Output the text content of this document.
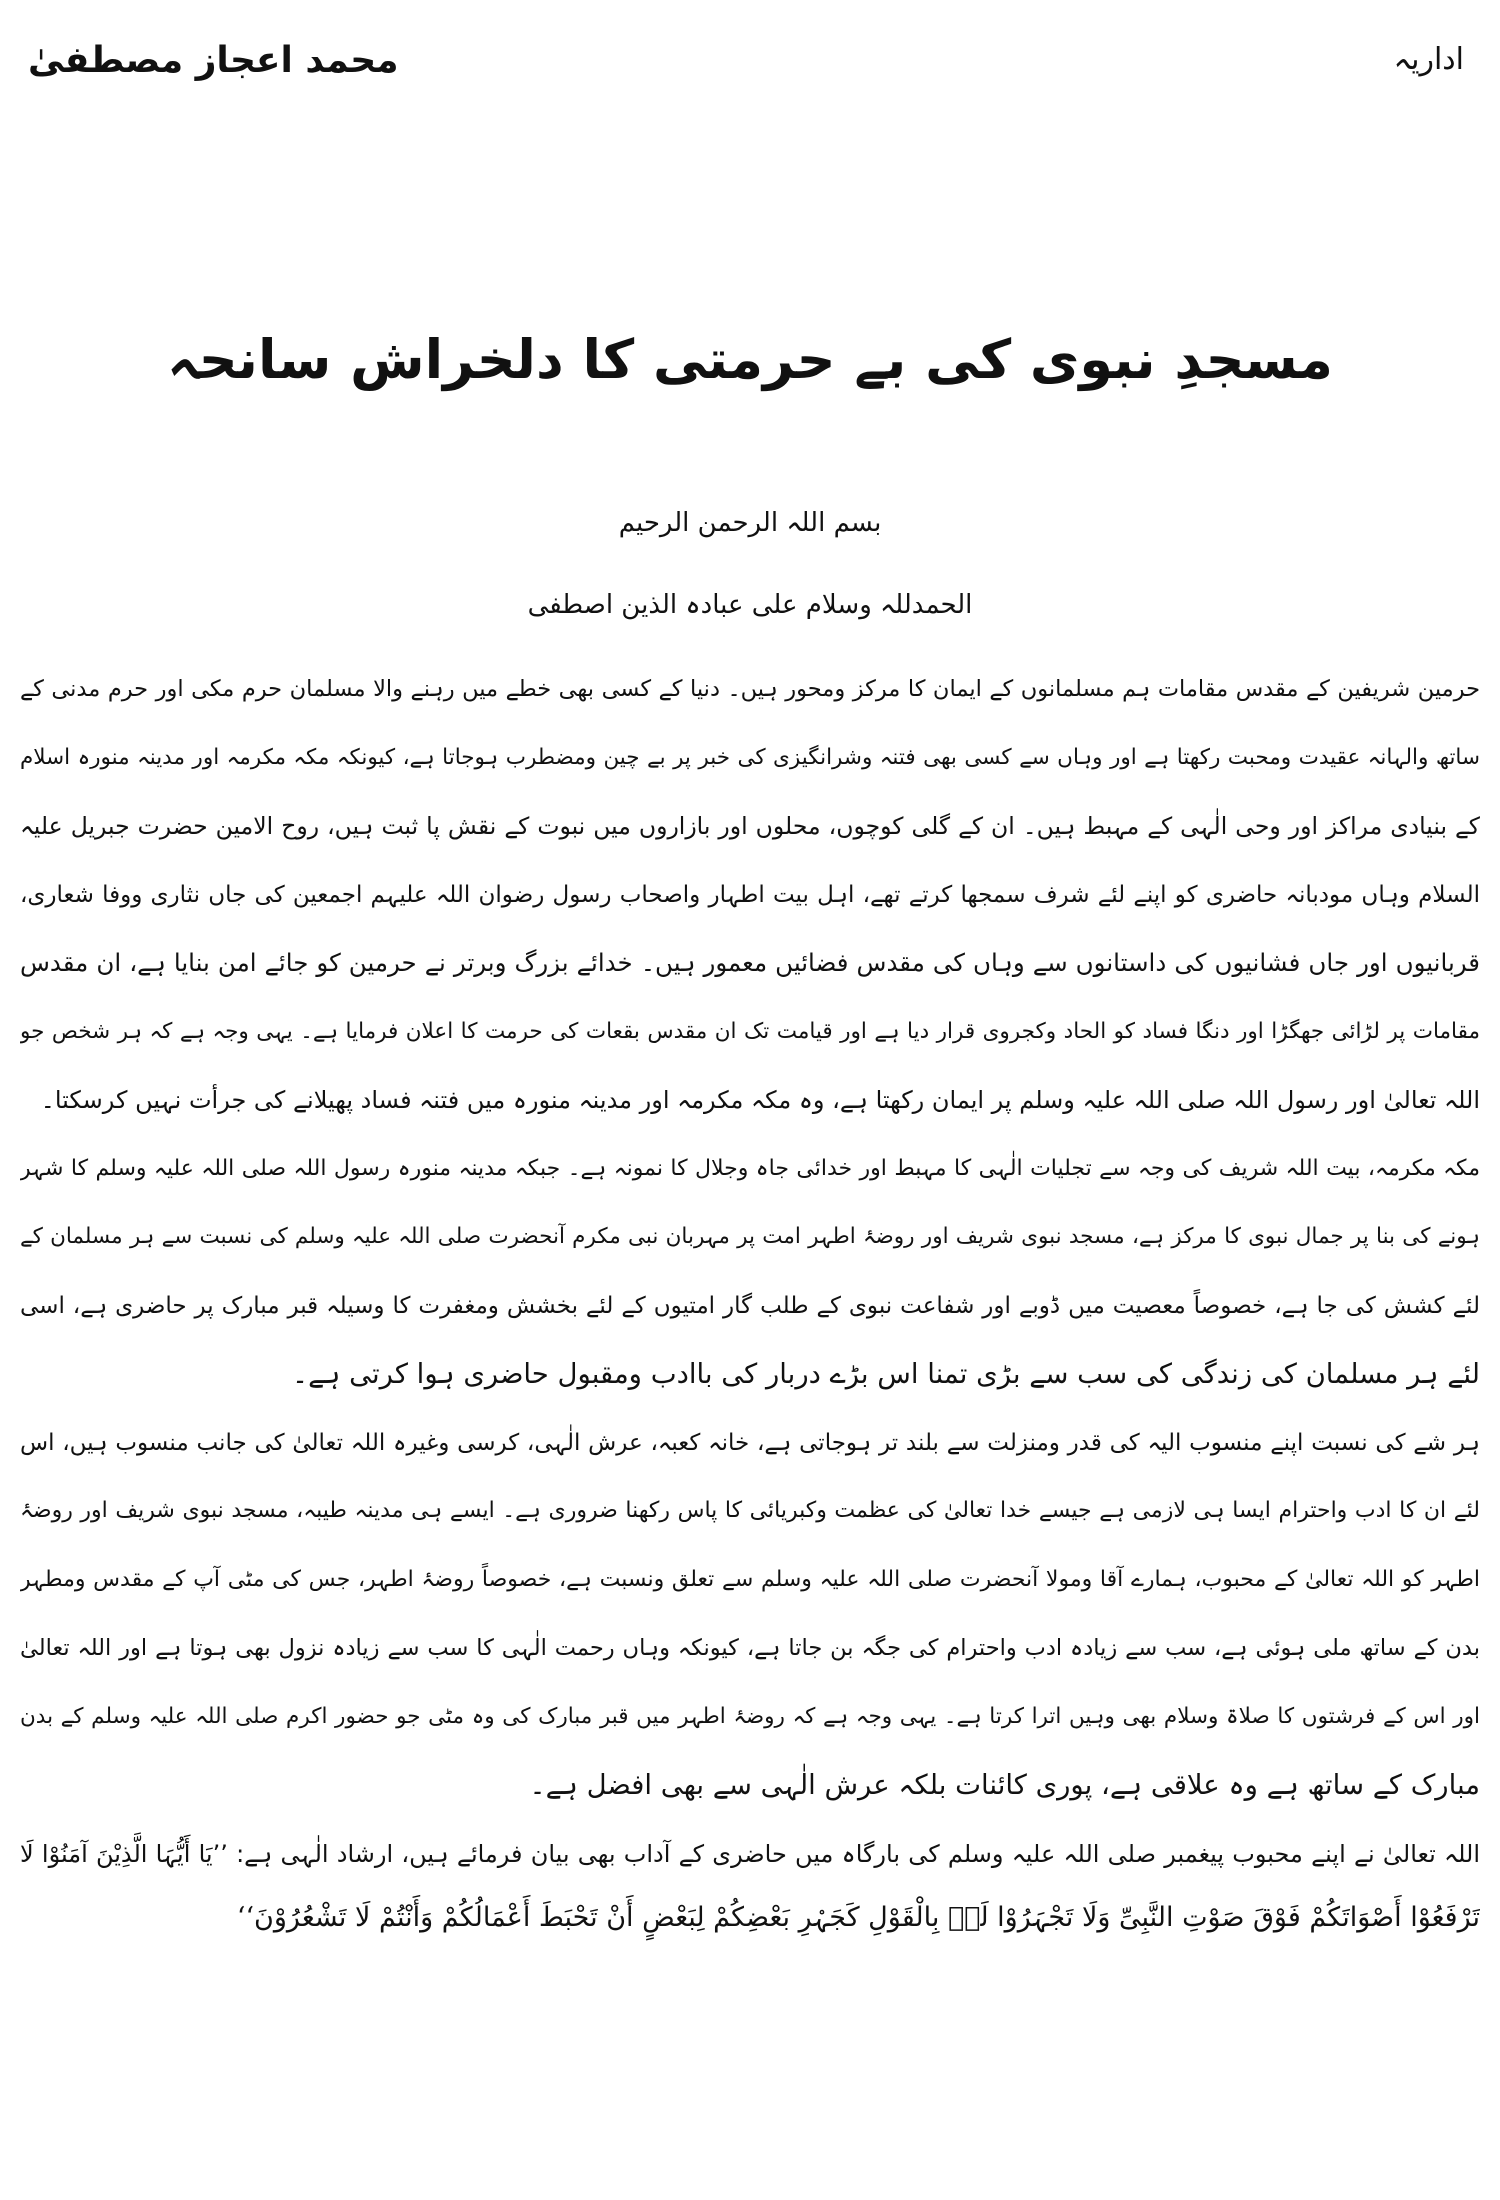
محمد اعجاز مصطفیٰ	اداریہ
مسجدِ نبوی کی بے حرمتی کا دلخراش سانحہ
بسم اللہ الرحمن الرحیم
الحمدللہ وسلام علی عبادہ الذین اصطفی
حرمین شریفین کے مقدس مقامات ہم مسلمانوں کے ایمان کا مرکز ومحور ہیں۔ دنیا کے کسی بھی خطے میں رہنے والا مسلمان حرم مکی اور حرم مدنی کے
ساتھ والہانہ عقیدت ومحبت رکھتا ہے اور وہاں سے کسی بھی فتنہ وشرانگیزی کی خبر پر بے چین ومضطرب ہوجاتا ہے، کیونکہ مکہ مکرمہ اور مدینہ منورہ اسلام
کے بنیادی مراکز اور وحی الٰہی کے مہبط ہیں۔ ان کے گلی کوچوں، محلوں اور بازاروں میں نبوت کے نقش پا ثبت ہیں، روح الامین حضرت جبریل علیہ
السلام وہاں مودبانہ حاضری کو اپنے لئے شرف سمجھا کرتے تھے، اہل بیت اطہار واصحاب رسول رضوان اللہ علیہم اجمعین کی جاں نثاری ووفا شعاری،
قربانیوں اور جاں فشانیوں کی داستانوں سے وہاں کی مقدس فضائیں معمور ہیں۔ خدائے بزرگ وبرتر نے حرمین کو جائے امن بنایا ہے، ان مقدس
مقامات پر لڑائی جھگڑا اور دنگا فساد کو الحاد وکجروی قرار دیا ہے اور قیامت تک ان مقدس بقعات کی حرمت کا اعلان فرمایا ہے۔ یہی وجہ ہے کہ ہر شخص جو
اللہ تعالیٰ اور رسول اللہ صلی اللہ علیہ وسلم پر ایمان رکھتا ہے، وہ مکہ مکرمہ اور مدینہ منورہ میں فتنہ فساد پھیلانے کی جرأت نہیں کرسکتا۔
مکہ مکرمہ، بیت اللہ شریف کی وجہ سے تجلیات الٰہی کا مہبط اور خدائی جاہ وجلال کا نمونہ ہے۔ جبکہ مدینہ منورہ رسول اللہ صلی اللہ علیہ وسلم کا شہر
ہونے کی بنا پر جمال نبوی کا مرکز ہے، مسجد نبوی شریف اور روضۂ اطہر امت پر مہربان نبی مکرم آنحضرت صلی اللہ علیہ وسلم کی نسبت سے ہر مسلمان کے
لئے کشش کی جا ہے، خصوصاً معصیت میں ڈوبے اور شفاعت نبوی کے طلب گار امتیوں کے لئے بخشش ومغفرت کا وسیلہ قبر مبارک پر حاضری ہے، اسی
لئے ہر مسلمان کی زندگی کی سب سے بڑی تمنا اس بڑے دربار کی باادب ومقبول حاضری ہوا کرتی ہے۔
ہر شے کی نسبت اپنے منسوب الیہ کی قدر ومنزلت سے بلند تر ہوجاتی ہے، خانہ کعبہ، عرش الٰہی، کرسی وغیرہ اللہ تعالیٰ کی جانب منسوب ہیں، اس
لئے ان کا ادب واحترام ایسا ہی لازمی ہے جیسے خدا تعالیٰ کی عظمت وکبریائی کا پاس رکھنا ضروری ہے۔ ایسے ہی مدینہ طیبہ، مسجد نبوی شریف اور روضۂ
اطہر کو اللہ تعالیٰ کے محبوب، ہمارے آقا ومولا آنحضرت صلی اللہ علیہ وسلم سے تعلق ونسبت ہے، خصوصاً روضۂ اطہر، جس کی مٹی آپ کے مقدس ومطہر
بدن کے ساتھ ملی ہوئی ہے، سب سے زیادہ ادب واحترام کی جگہ بن جاتا ہے، کیونکہ وہاں رحمت الٰہی کا سب سے زیادہ نزول بھی ہوتا ہے اور اللہ تعالیٰ
اور اس کے فرشتوں کا صلاۃ وسلام بھی وہیں اترا کرتا ہے۔ یہی وجہ ہے کہ روضۂ اطہر میں قبر مبارک کی وہ مٹی جو حضور اکرم صلی اللہ علیہ وسلم کے بدن
مبارک کے ساتھ ہے وہ علاقی ہے، پوری کائنات بلکہ عرش الٰہی سے بھی افضل ہے۔
اللہ تعالیٰ نے اپنے محبوب پیغمبر صلی اللہ علیہ وسلم کی بارگاہ میں حاضری کے آداب بھی بیان فرمائے ہیں، ارشاد الٰہی ہے: ’’یَا أَیُّہَا الَّذِیْنَ آمَنُوْا لَا
تَرْفَعُوْا أَصْوَاتَکُمْ فَوْقَ صَوْتِ النَّبِیِّ وَلَا تَجْہَرُوْا لَہٗ بِالْقَوْلِ کَجَہْرِ بَعْضِکُمْ لِبَعْضٍ أَنْ تَحْبَطَ أَعْمَالُکُمْ وَأَنْتُمْ لَا تَشْعُرُوْنَ‘‘
